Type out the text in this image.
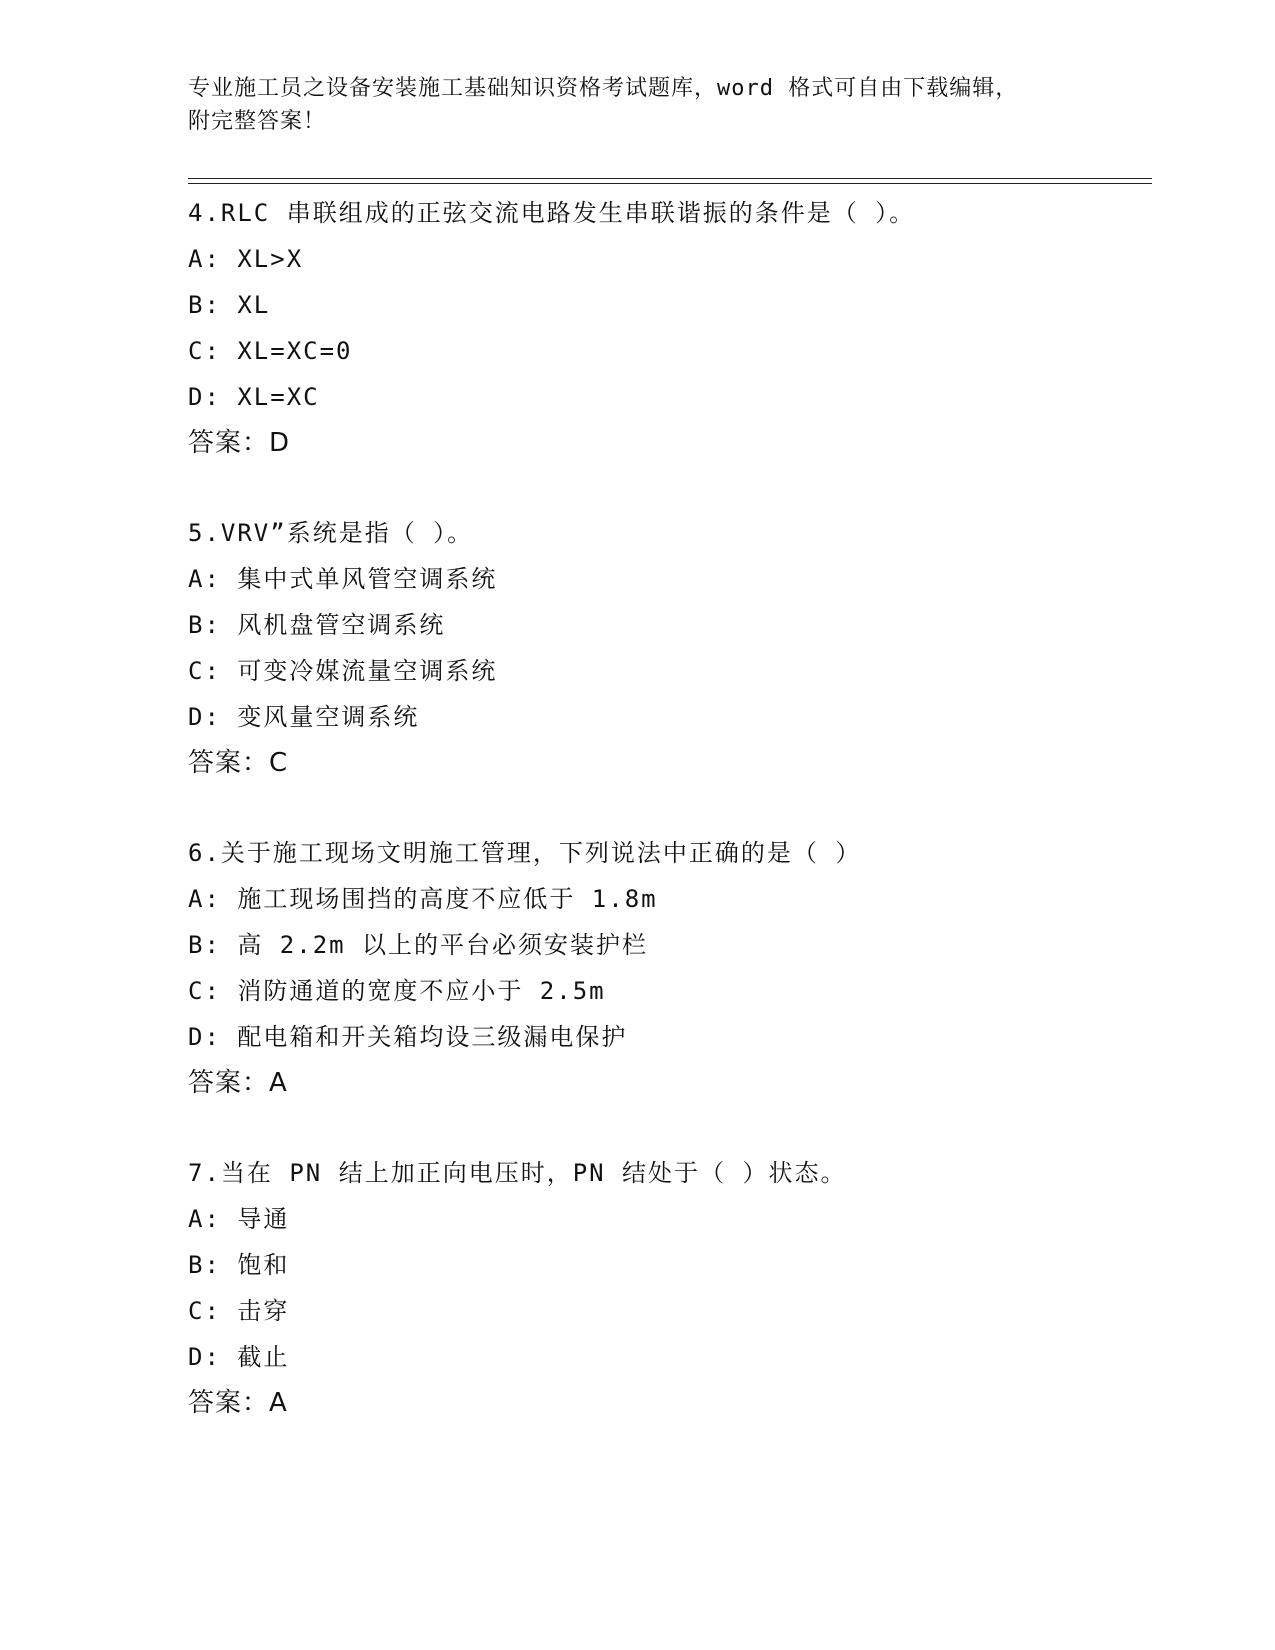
专业施工员之设备安装施工基础知识资格考试题库，word 格式可自由下载编辑，
附完整答案！
4.RLC 串联组成的正弦交流电路发生串联谐振的条件是（ ）。
A: XL>X
B: XL
C: XL=XC=0
D: XL=XC
答案：D
5.VRV”系统是指（ ）。
A: 集中式单风管空调系统
B: 风机盘管空调系统
C: 可变冷媒流量空调系统
D: 变风量空调系统
答案：C
6.关于施工现场文明施工管理，下列说法中正确的是（ ）
A: 施工现场围挡的高度不应低于 1.8m
B: 高 2.2m 以上的平台必须安装护栏
C: 消防通道的宽度不应小于 2.5m
D: 配电箱和开关箱均设三级漏电保护
答案：A
7.当在 PN 结上加正向电压时，PN 结处于（ ）状态。
A: 导通
B: 饱和
C: 击穿
D: 截止
答案：A
